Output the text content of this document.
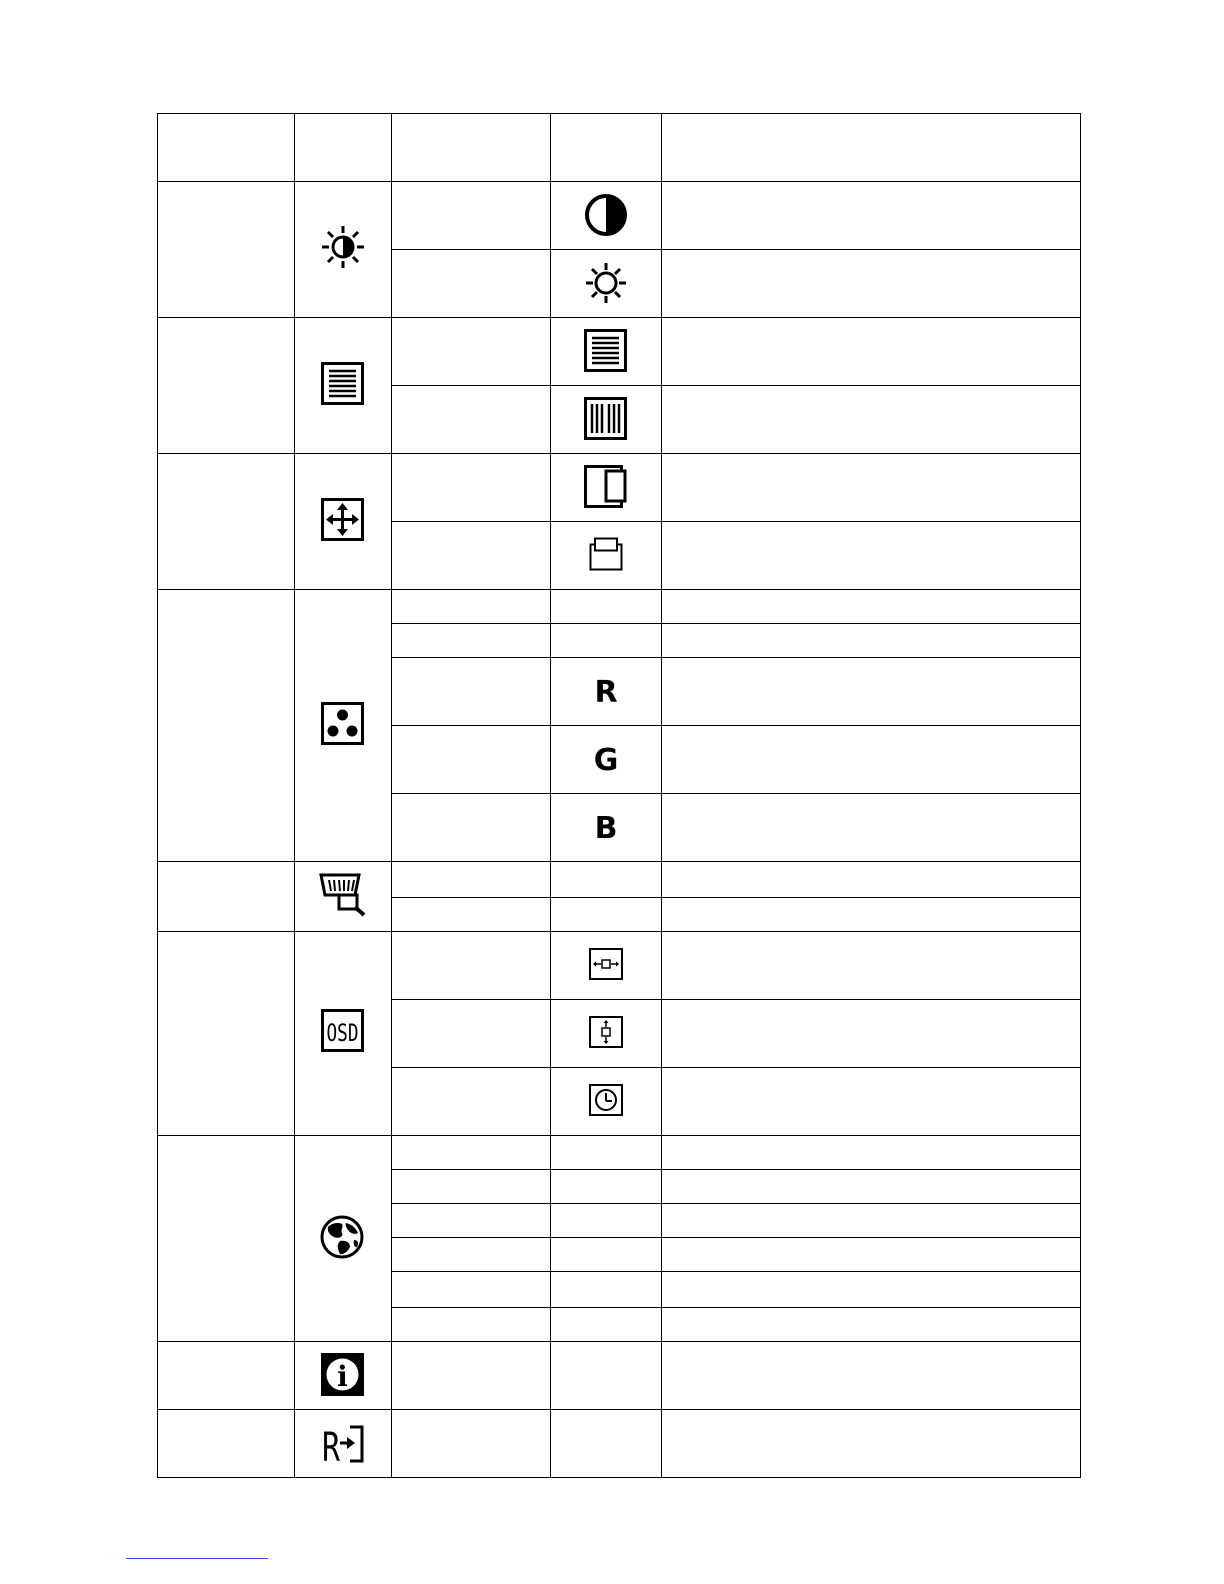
OSD
i
R
R
G
B
